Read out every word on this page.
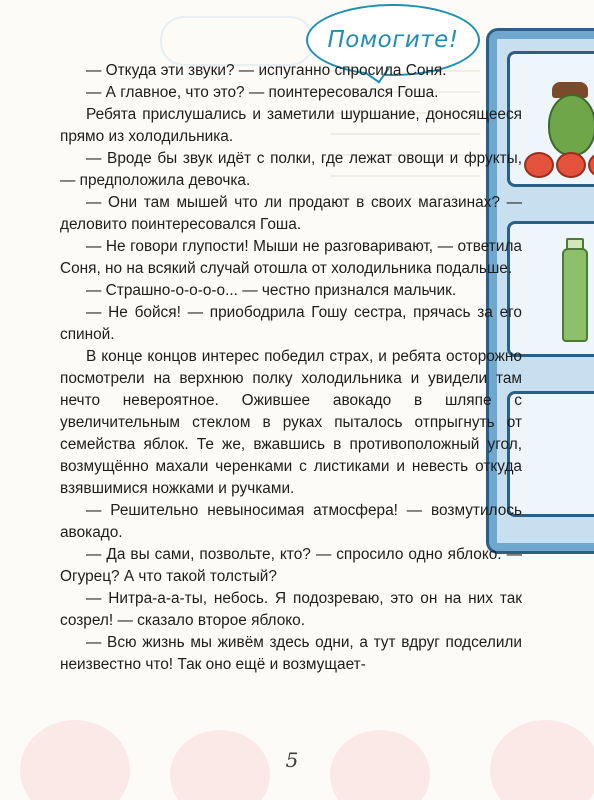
Помогите!

— Откуда эти звуки? — испуганно спросила Соня.

— А главное, что это? — поинтересовался Гоша.

Ребята прислушались и заметили шуршание, доносящееся прямо из холодильника.

— Вроде бы звук идёт с полки, где лежат овощи и фрукты, — предположила девочка.

— Они там мышей что ли продают в своих магазинах? — деловито поинтересовался Гоша.

— Не говори глупости! Мыши не разговаривают, — ответила Соня, но на всякий случай отошла от холодильника подальше.

— Страшно-о-о-о-о... — честно признался мальчик.

— Не бойся! — приободрила Гошу сестра, прячась за его спиной.

В конце концов интерес победил страх, и ребята осторожно посмотрели на верхнюю полку холодильника и увидели там нечто невероятное. Ожившее авокадо в шляпе с увеличительным стеклом в руках пыталось отпрыгнуть от семейства яблок. Те же, вжавшись в противоположный угол, возмущённо махали черенками с листиками и невесть откуда взявшимися ножками и ручками.

— Решительно невыносимая атмосфера! — возмутилось авокадо.

— Да вы сами, позвольте, кто? — спросило одно яблоко. — Огурец? А что такой толстый?

— Нитра-а-а-ты, небось. Я подозреваю, это он на них так созрел! — сказало второе яблоко.

— Всю жизнь мы живём здесь одни, а тут вдруг подселили неизвестно что! Так оно ещё и возмущает-

5
